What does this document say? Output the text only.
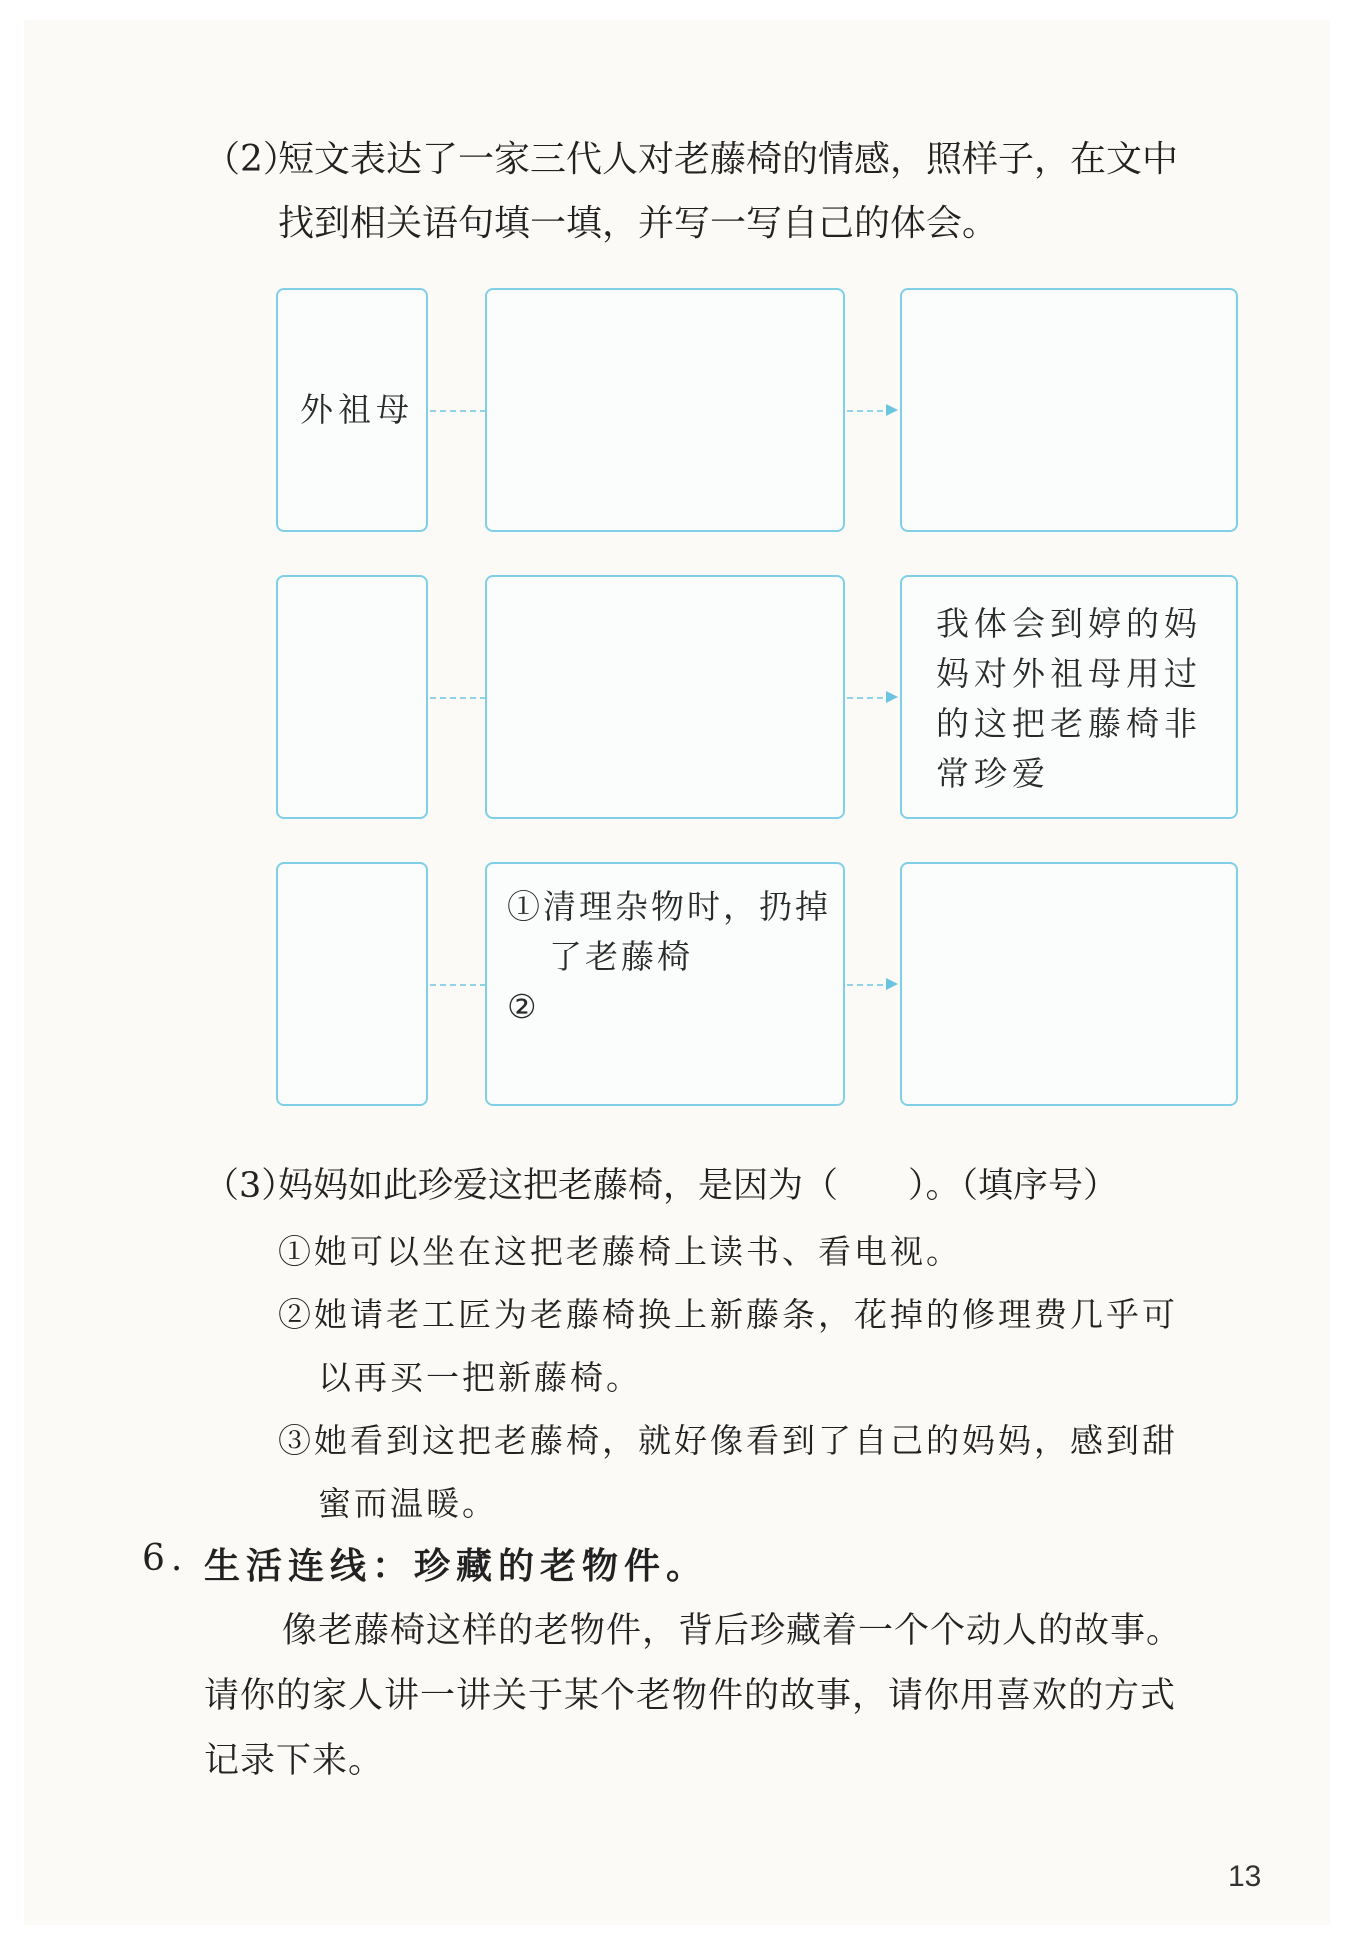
（2）
短文表达了一家三代人对老藤椅的情感，照样子，在文中
找到相关语句填一填，并写一写自己的体会。
外祖母
我体会到婷的妈
妈对外祖母用过
的这把老藤椅非
常珍爱
①清理杂物时，扔掉
了老藤椅
②
（3）
妈妈如此珍爱这把老藤椅，是因为（　　）。（填序号）
①她可以坐在这把老藤椅上读书、看电视。
②她请老工匠为老藤椅换上新藤条，花掉的修理费几乎可
以再买一把新藤椅。
③她看到这把老藤椅，就好像看到了自己的妈妈，感到甜
蜜而温暖。
6. 生活连线：珍藏的老物件。
像老藤椅这样的老物件，背后珍藏着一个个动人的故事。
请你的家人讲一讲关于某个老物件的故事，请你用喜欢的方式
记录下来。
13
